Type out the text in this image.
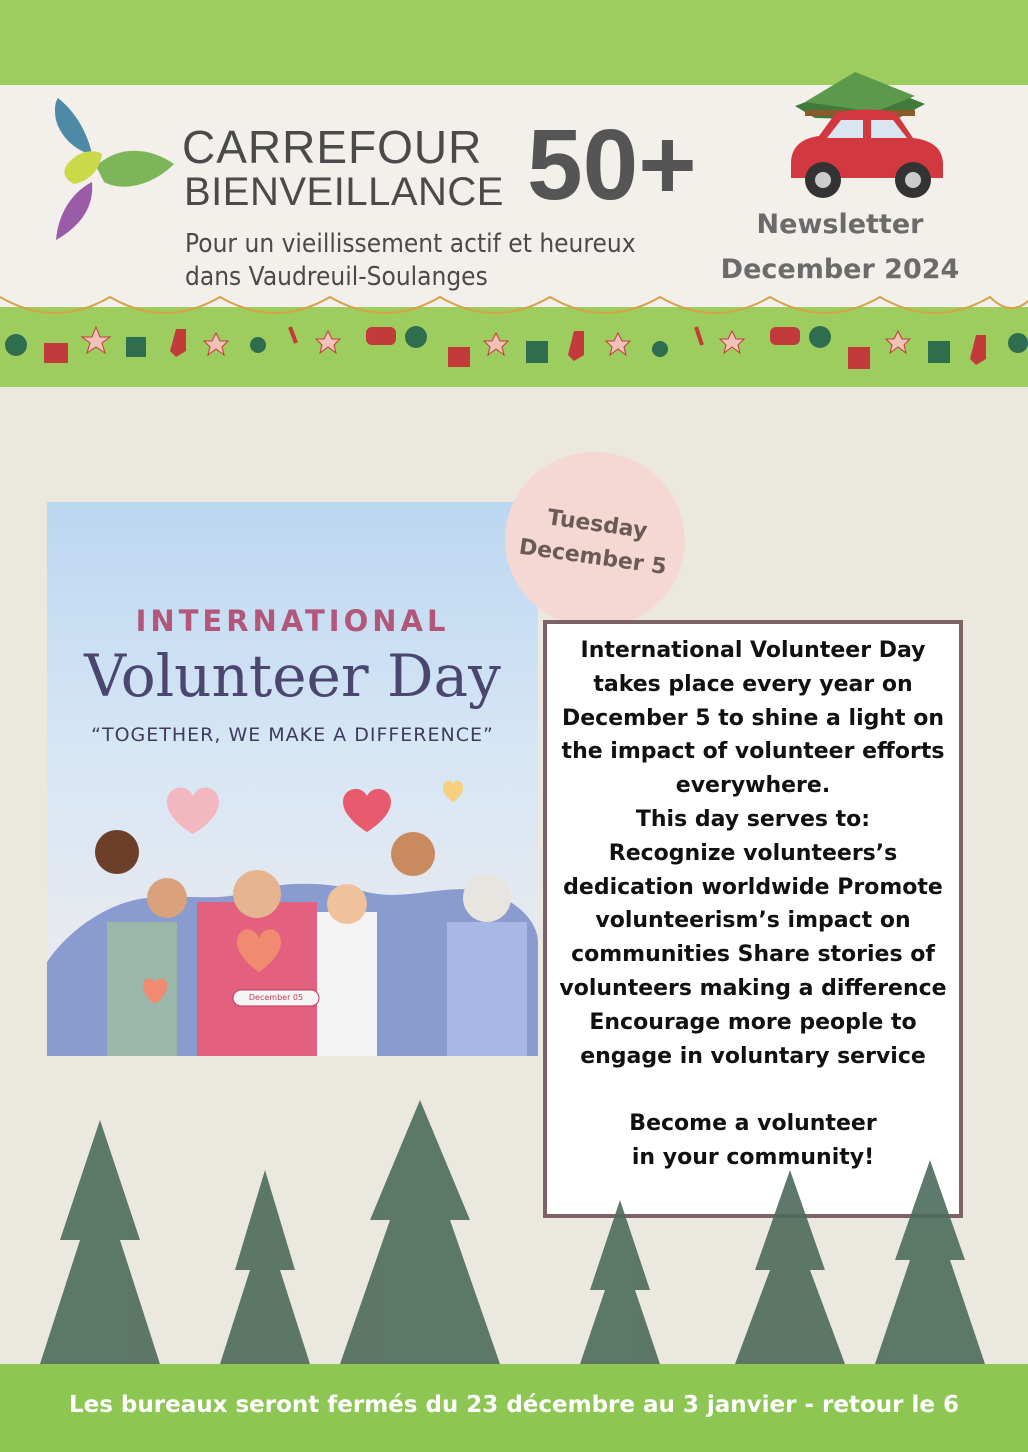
CARREFOUR
BIENVEILLANCE 50+
Pour un vieillissement actif et heureux
dans Vaudreuil-Soulanges
Newsletter
December 2024
INTERNATIONAL
Volunteer Day
“TOGETHER, WE MAKE A DIFFERENCE”
December 05
Tuesday
December 5

International Volunteer Day takes place every year on December 5 to shine a light on the impact of volunteer efforts everywhere.

This day serves to:

Recognize volunteers’s dedication worldwide Promote volunteerism’s impact on communities Share stories of volunteers making a difference Encourage more people to engage in voluntary service

Become a volunteer

in your community!

Les bureaux seront fermés du 23 décembre au 3 janvier - retour le 6
